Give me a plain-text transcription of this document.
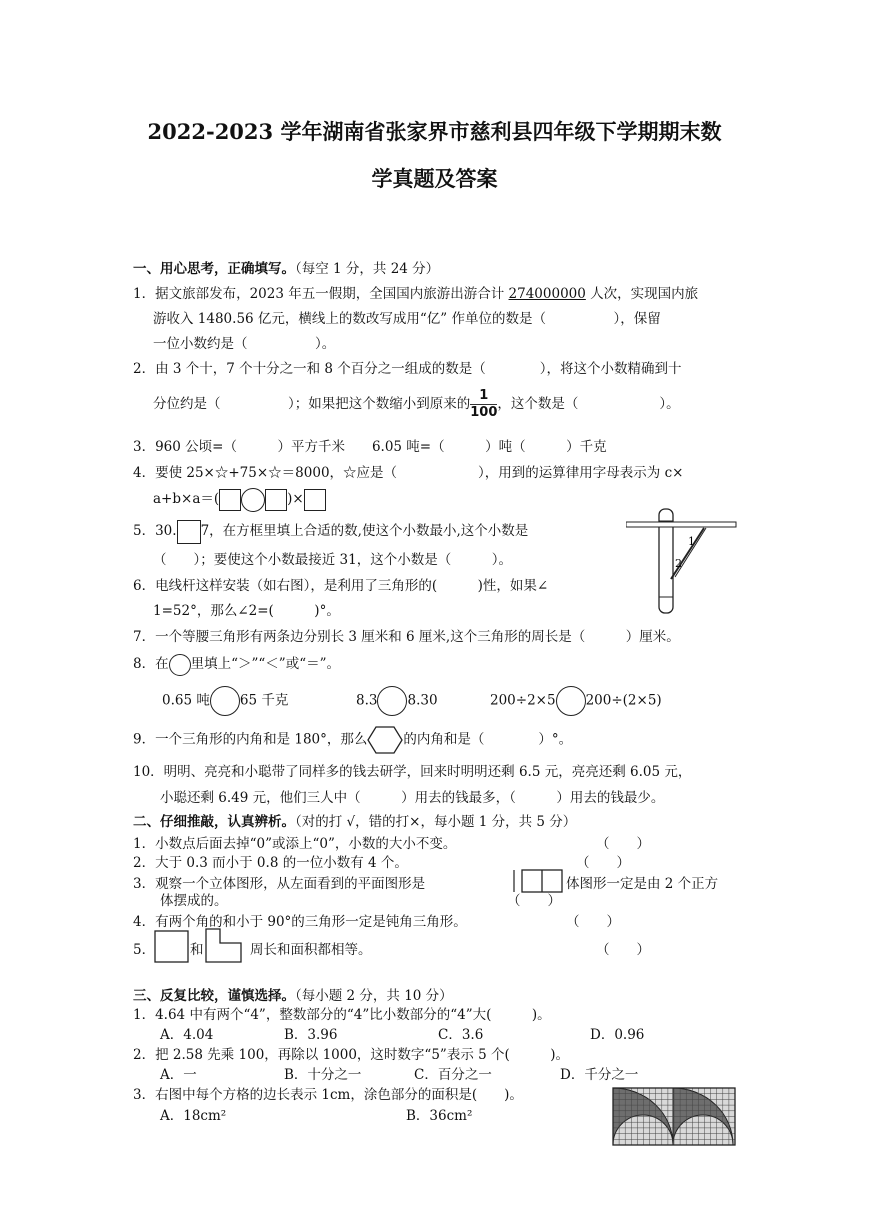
2022-2023 学年湖南省张家界市慈利县四年级下学期期末数
学真题及答案
一、用心思考，正确填写。（每空 1 分，共 24 分）
1．据文旅部发布，2023 年五一假期，全国国内旅游出游合计 274000000 人次，实现国内旅
游收入 1480.56 亿元，横线上的数改写成用“亿” 作单位的数是（　　　　　），保留
一位小数约是（　　　　　）。
2．由 3 个十，7 个十分之一和 8 个百分之一组成的数是（　　　　），将这个小数精确到十
分位约是（　　　　　）；如果把这个数缩小到原来的 $\frac{1}{100}$ ，这个数是（　　　　　　）。
3．960 公顷=（　　　）平方千米　　6.05 吨=（　　　）吨（　　　）千克
4．要使 25×☆+75×☆＝8000，☆应是（　　　　　　），用到的运算律用字母表示为 c×
a+b×a＝(	)×
5．30. 7，在方框里填上合适的数,使这个小数最小,这个小数是
（　　）；要使这个小数最接近 31，这个小数是（　　　）。
6．电线杆这样安装（如右图），是利用了三角形的(　　　)性，如果∠
1=52°，那么∠2=(　　　)°。
1
2
7．一个等腰三角形有两条边分别长 3 厘米和 6 厘米,这个三角形的周长是（　　　）厘米。
8．在 里填上“＞”“＜”或“＝”。
0.65 吨 65 千克	8.3 8.30	200÷2×5 200÷(2×5)
9．一个三角形的内角和是 180°，那么	的内角和是（　　　　）°。
10．明明、亮亮和小聪带了同样多的钱去研学，回来时明明还剩 6.5 元，亮亮还剩 6.05 元，
小聪还剩 6.49 元，他们三人中（　　　）用去的钱最多，（　　　）用去的钱最少。
二、仔细推敲，认真辨析。（对的打 √，错的打×，每小题 1 分，共 5 分）
1．小数点后面去掉“0”或添上“0”，小数的大小不变。	（　　）
2．大于 0.3 而小于 0.8 的一位小数有 4 个。	（　　）
3．观察一个立体图形，从左面看到的平面图形是	体图形一定是由 2 个正方
体摆成的。	（　　）
4．有两个角的和小于 90°的三角形一定是钝角三角形。	（　　）
5．	和	周长和面积都相等。	（　　）
三、反复比较，谨慎选择。（每小题 2 分，共 10 分）
1．4.64 中有两个“4”，整数部分的“4”比小数部分的“4”大(　　　)。
A．4.04	B．3.96	C．3.6	D．0.96
2．把 2.58 先乘 100，再除以 1000，这时数字“5”表示 5 个(　　　)。
A．一	B．十分之一	C．百分之一	D．千分之一
3．右图中每个方格的边长表示 1cm，涂色部分的面积是(　　)。
A．18cm²	B．36cm²
